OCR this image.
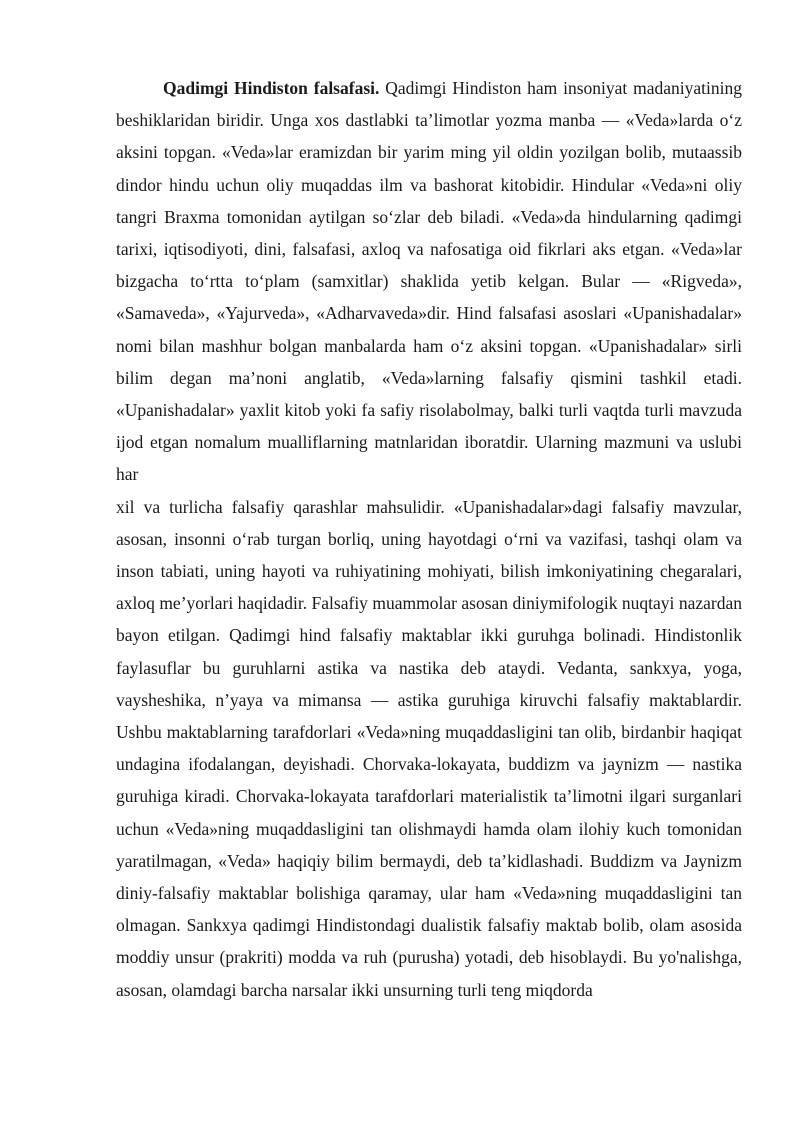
Qadimgi Hindiston falsafasi. Qadimgi Hindiston ham insoniyat madaniyatining beshiklaridan biridir. Unga xos dastlabki ta’limotlar yozma manba — «Veda»larda o‘z aksini topgan. «Veda»lar eramizdan bir yarim ming yil oldin yozilgan bolib, mutaassib dindor hindu uchun oliy muqaddas ilm va bashorat kitobidir. Hindular «Veda»ni oliy tangri Braxma tomonidan aytilgan so‘zlar deb biladi. «Veda»da hindularning qadimgi tarixi, iqtisodiyoti, dini, falsafasi, axloq va nafosatiga oid fikrlari aks etgan. «Veda»lar bizgacha to‘rtta to‘plam (samxitlar) shaklida yetib kelgan. Bular — «Rigveda», «Samaveda», «Yajurveda», «Adharvaveda»dir. Hind falsafasi asoslari «Upanishadalar» nomi bilan mashhur bolgan manbalarda ham o‘z aksini topgan. «Upanishadalar» sirli bilim degan ma’noni anglatib, «Veda»larning falsafiy qismini tashkil etadi. «Upanishadalar» yaxlit kitob yoki fa safiy risolabolmay, balki turli vaqtda turli mavzuda ijod etgan nomalum mualliflarning matnlaridan iboratdir. Ularning mazmuni va uslubi har

xil va turlicha falsafiy qarashlar mahsulidir. «Upanishadalar»dagi falsafiy mavzular, asosan, insonni o‘rab turgan borliq, uning hayotdagi o‘rni va vazifasi, tashqi olam va inson tabiati, uning hayoti va ruhiyatining mohiyati, bilish imkoniyatining chegaralari, axloq me’yorlari haqidadir. Falsafiy muammolar asosan diniymifologik nuqtayi nazardan bayon etilgan. Qadimgi hind falsafiy maktablar ikki guruhga bolinadi. Hindistonlik faylasuflar bu guruhlarni astika va nastika deb ataydi. Vedanta, sankxya, yoga, vaysheshika, n’yaya va mimansa — astika guruhiga kiruvchi falsafiy maktablardir. Ushbu maktablarning tarafdorlari «Veda»ning muqaddasligini tan olib, birdanbir haqiqat undagina ifodalangan, deyishadi. Chorvaka-lokayata, buddizm va jaynizm — nastika guruhiga kiradi. Chorvaka-lokayata tarafdorlari materialistik ta’limotni ilgari surganlari uchun «Veda»ning muqaddasligini tan olishmaydi hamda olam ilohiy kuch tomonidan yaratilmagan, «Veda» haqiqiy bilim bermaydi, deb ta’kidlashadi. Buddizm va Jaynizm diniy-falsafiy maktablar bolishiga qaramay, ular ham «Veda»ning muqaddasligini tan olmagan. Sankxya qadimgi Hindistondagi dualistik falsafiy maktab bolib, olam asosida moddiy unsur (prakriti) modda va ruh (purusha) yotadi, deb hisoblaydi. Bu yo'nalishga, asosan, olamdagi barcha narsalar ikki unsurning turli teng miqdorda
